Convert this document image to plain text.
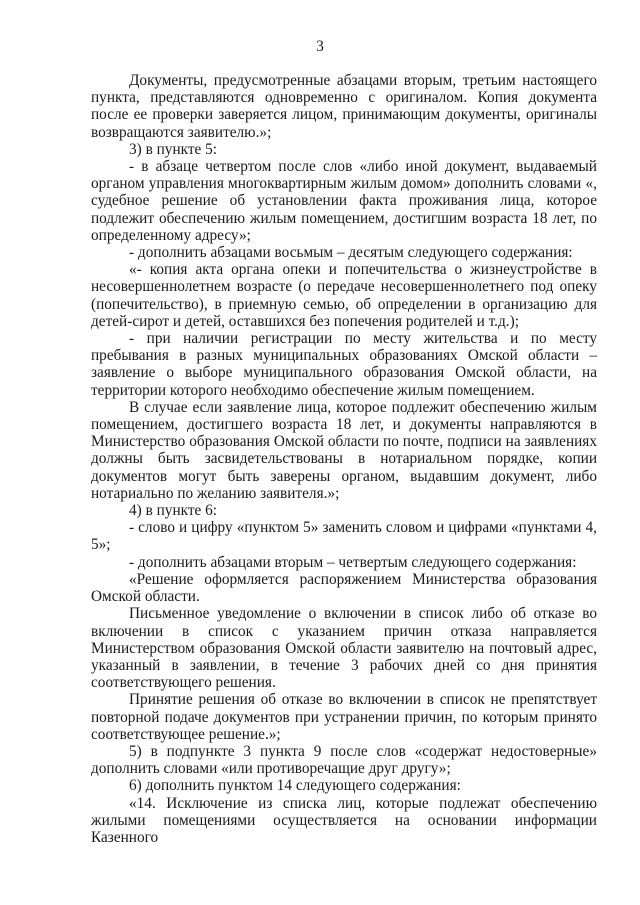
3

Документы, предусмотренные абзацами вторым, третьим настоящего пункта, представляются одновременно с оригиналом. Копия документа после ее проверки заверяется лицом, принимающим документы, оригиналы возвращаются заявителю.»;

3) в пункте 5:

- в абзаце четвертом после слов «либо иной документ, выдаваемый органом управления многоквартирным жилым домом» дополнить словами «, судебное решение об установлении факта проживания лица, которое подлежит обеспечению жилым помещением, достигшим возраста 18 лет, по определенному адресу»;

- дополнить абзацами восьмым – десятым следующего содержания:

«- копия акта органа опеки и попечительства о жизнеустройстве в несовершеннолетнем возрасте (о передаче несовершеннолетнего под опеку (попечительство), в приемную семью, об определении в организацию для детей-сирот и детей, оставшихся без попечения родителей и т.д.);

- при наличии регистрации по месту жительства и по месту пребывания в разных муниципальных образованиях Омской области – заявление о выборе муниципального образования Омской области, на территории которого необходимо обеспечение жилым помещением.

В случае если заявление лица, которое подлежит обеспечению жилым помещением, достигшего возраста 18 лет, и документы направляются в Министерство образования Омской области по почте, подписи на заявлениях должны быть засвидетельствованы в нотариальном порядке, копии документов могут быть заверены органом, выдавшим документ, либо нотариально по желанию заявителя.»;

4) в пункте 6:

- слово и цифру «пунктом 5» заменить словом и цифрами «пунктами 4, 5»;

- дополнить абзацами вторым – четвертым следующего содержания:

«Решение оформляется распоряжением Министерства образования Омской области.

Письменное уведомление о включении в список либо об отказе во включении в список с указанием причин отказа направляется Министерством образования Омской области заявителю на почтовый адрес, указанный в заявлении, в течение 3 рабочих дней со дня принятия соответствующего решения.

Принятие решения об отказе во включении в список не препятствует повторной подаче документов при устранении причин, по которым принято соответствующее решение.»;

5) в подпункте 3 пункта 9 после слов «содержат недостоверные» дополнить словами «или противоречащие друг другу»;

6) дополнить пунктом 14 следующего содержания:

«14. Исключение из списка лиц, которые подлежат обеспечению жилыми помещениями осуществляется на основании информации Казенного
